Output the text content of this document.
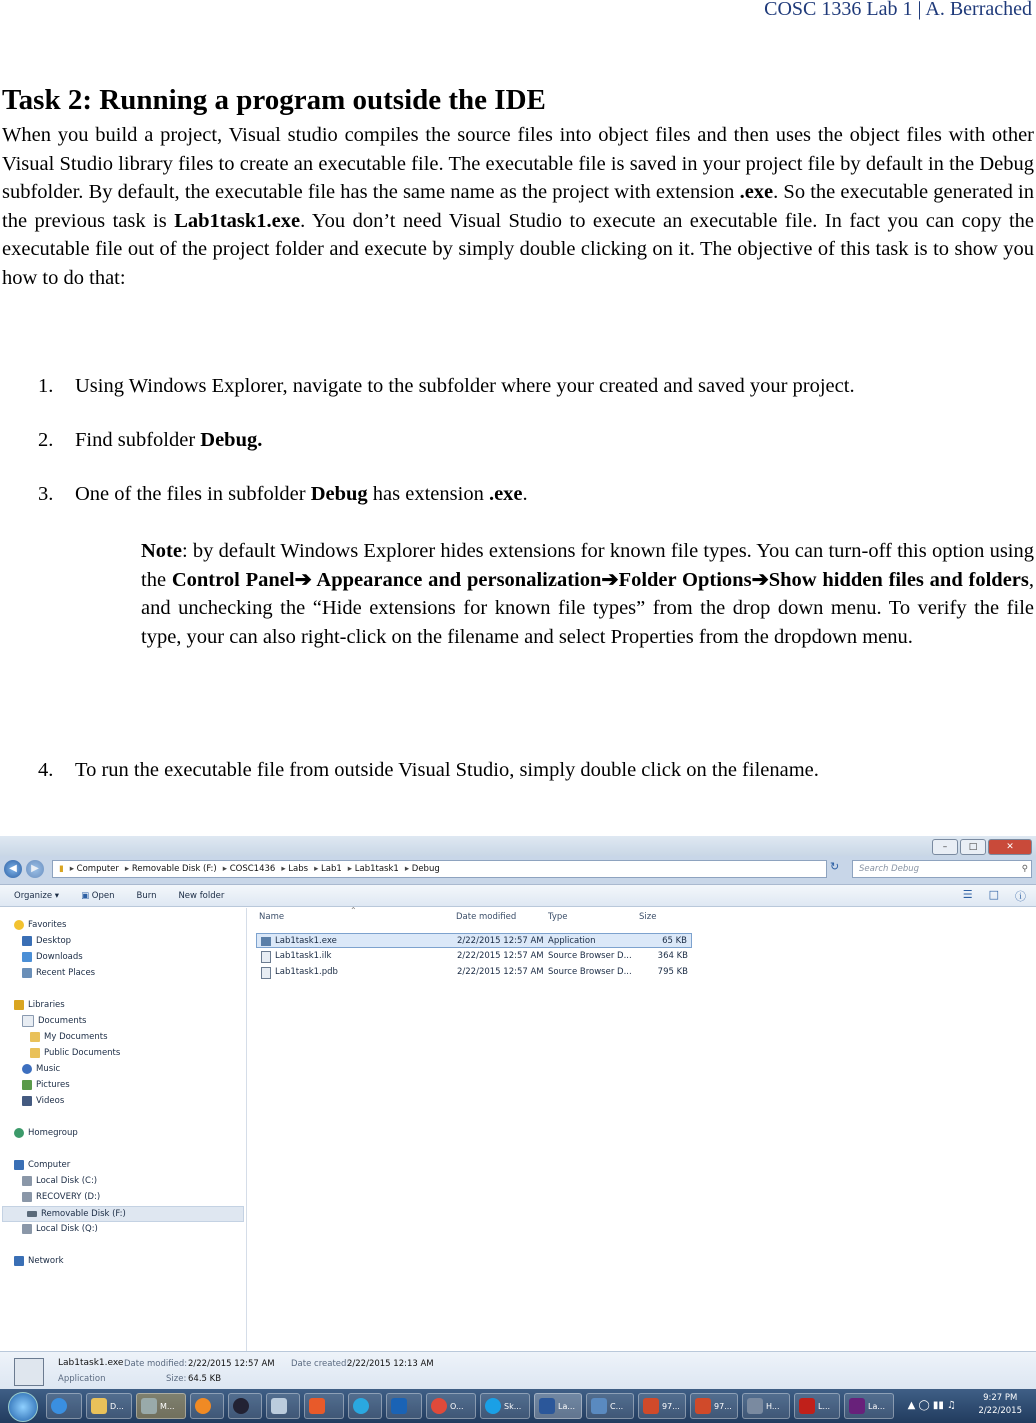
COSC 1336 Lab 1 | A. Berrached
Task 2: Running a program outside the IDE

When you build a project, Visual studio compiles the source files into object files and then uses the object files with other Visual Studio library files to create an executable file. The executable file is saved in your project file by default in the Debug subfolder. By default, the executable file has the same name as the project with extension .exe. So the executable generated in the previous task is Lab1task1.exe. You don’t need Visual Studio to execute an executable file. In fact you can copy the executable file out of the project folder and execute by simply double clicking on it. The objective of this task is to show you how to do that:

1. Using Windows Explorer, navigate to the subfolder where your created and saved your project.
2. Find subfolder Debug.
3. One of the files in subfolder Debug has extension .exe.

Note: by default Windows Explorer hides extensions for known file types. You can turn-off this option using the Control Panel➔ Appearance and personalization➔Folder Options➔Show hidden files and folders, and unchecking the “Hide extensions for known file types” from the drop down menu. To verify the file type, your can also right-click on the filename and select Properties from the dropdown menu.

4. To run the executable file from outside Visual Studio, simply double click on the filename.
–	□	✕
◀	▶	▮	▸ Computer	▸ Removable Disk (F:)	▸ COSC1436	▸ Labs	▸ Lab1	▸ Lab1task1	▸ Debug	↻	Search Debug	⚲
Organize ▾	▣ Open	Burn	New folder	☰ □ ⓘ
Favorites
Desktop
Downloads
Recent Places
Libraries
Documents
My Documents
Public Documents
Music
Pictures
Videos
Homegroup
Computer
Local Disk (C:)
RECOVERY (D:)
Removable Disk (F:)
Local Disk (Q:)
Network
⌃
Name	Date modified	Type	Size
Lab1task1.exe	2/22/2015 12:57 AM Application	65 KB
Lab1task1.ilk	2/22/2015 12:57 AM Source Browser D...	364 KB
Lab1task1.pdb	2/22/2015 12:57 AM Source Browser D...	795 KB
Lab1task1.exe Date modified: 2/22/2015 12:57 AM Date created:
2/22/2015 12:13 AM
Application	Size: 64.5 KB
D...	M...	O...	Sk...	La...	C...	97...	97...	H...	L...	La... ▲ ◯ ▮▮ ♫
9:27 PM
2/22/2015
